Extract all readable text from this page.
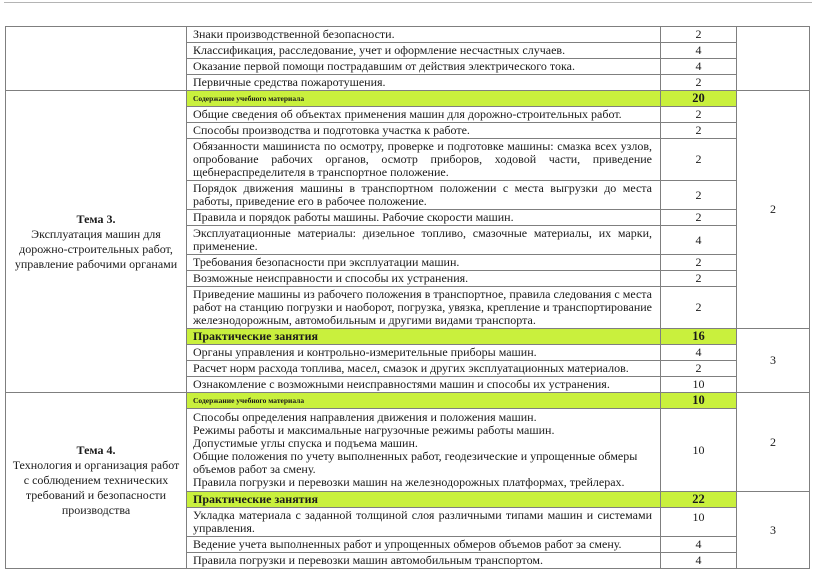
	Знаки производственной безопасности.	2	
	Классификация, расследование, учет и оформление несчастных случаев.	4	
	Оказание первой помощи пострадавшим от действия электрического тока.	4	
	Первичные средства пожаротушения.	2	

Тема 3.
Эксплуатация машин для дорожно-строительных работ, управление рабочими органами	Содержание учебного материала	20	2
	Общие сведения об объектах применения машин для дорожно-строительных работ.	2	
	Способы производства и подготовка участка к работе.	2	
	Обязанности машиниста по осмотру, проверке и подготовке машины: смазка всех узлов, опробование рабочих органов, осмотр приборов, ходовой части, приведение щебнераспределителя в транспортное положение.	2	
	Порядок движения машины в транспортном положении с места выгрузки до места работы, приведение его в рабочее положение.	2	
	Правила и порядок работы машины. Рабочие скорости машин.	2	
	Эксплуатационные материалы: дизельное топливо, смазочные материалы, их марки, применение.	4	
	Требования безопасности при эксплуатации машин.	2	
	Возможные неисправности и способы их устранения.	2	
	Приведение машины из рабочего положения в транспортное, правила следования с места работ на станцию погрузки и наоборот, погрузка, увязка, крепление и транспортирование железнодорожным, автомобильным и другими видами транспорта.	2	
	Практические занятия	16	3
	Органы управления и контрольно-измерительные приборы машин.	4	
	Расчет норм расхода топлива, масел, смазок и других эксплуатационных материалов.	2	
	Ознакомление с возможными неисправностями машин и способы их устранения.	10	

Тема 4.
Технология и организация работ с соблюдением технических требований и безопасности производства	Содержание учебного материала	10	2

	Способы определения направления движения и положения машин.
Режимы работы и максимальные нагрузочные режимы работы машин.
Допустимые углы спуска и подъема машин.
Общие положения по учету выполненных работ, геодезические и упрощенные обмеры объемов работ за смену.
Правила погрузки и перевозки машин на железнодорожных платформах, трейлерах.	10	
	Практические занятия	22	3
	Укладка материала с заданной толщиной слоя различными типами машин и системами управления.	10	
	Ведение учета выполненных работ и упрощенных обмеров объемов работ за смену.	4	
	Правила погрузки и перевозки машин автомобильным транспортом.	4	
